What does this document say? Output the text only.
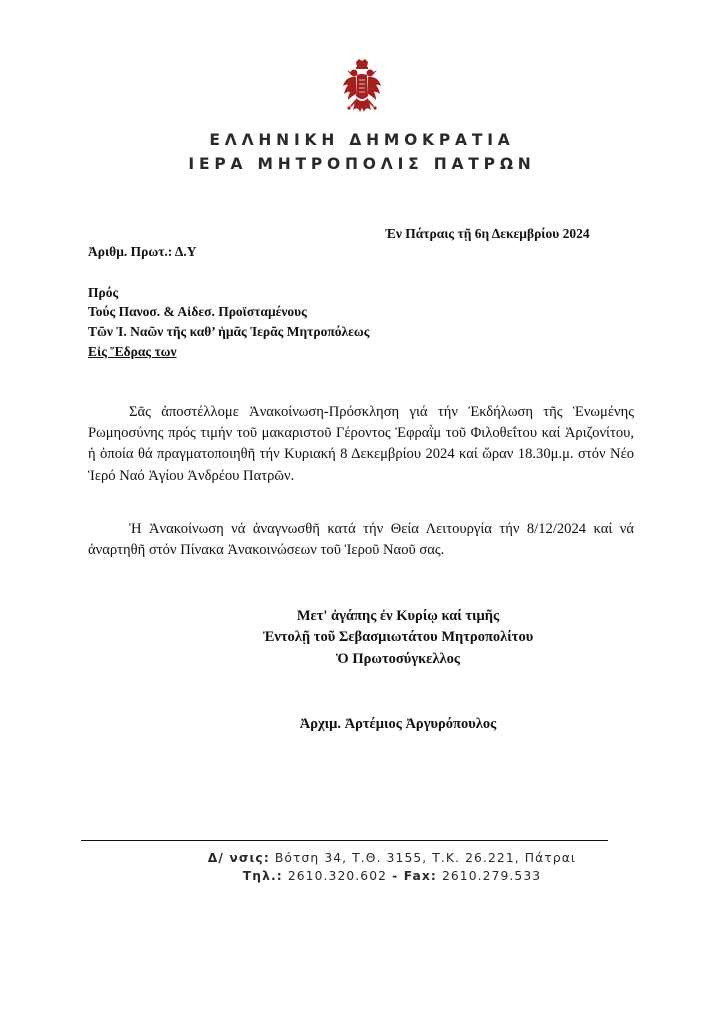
ΕΛΛΗΝΙΚΗ ΔΗΜΟΚΡΑΤΙΑ
ΙΕΡΑ ΜΗΤΡΟΠΟΛΙΣ ΠΑΤΡΩΝ
Ἐν Πάτραις τῇ 6η Δεκεμβρίου 2024
Ἀριθμ. Πρωτ.: Δ.Υ
Πρός
Τούς Πανοσ. & Αἰδεσ. Προϊσταμένους
Τῶν Ἱ. Ναῶν τῆς καθ’ ἡμᾶς Ἱερᾶς Μητροπόλεως
Εἰς Ἕδρας των

Σᾶς ἀποστέλλομε Ἀνακοίνωση-Πρόσκληση γιά τήν Ἐκδήλωση τῆς Ἑνωμένης Ρωμηοσύνης πρός τιμήν τοῦ μακαριστοῦ Γέροντος Ἐφραῒμ τοῦ Φιλοθεΐτου καί Ἀριζονίτου, ἡ ὁποία θά πραγματοποιηθῆ τήν Κυριακή 8 Δεκεμβρίου 2024 καί ὥραν 18.30μ.μ. στόν Νέο Ἱερό Ναό Ἁγίου Ἀνδρέου Πατρῶν.

Ἡ Ἀνακοίνωση νά ἀναγνωσθῆ κατά τήν Θεία Λειτουργία τήν 8/12/2024 καί νά ἀναρτηθῆ στόν Πίνακα Ἀνακοινώσεων τοῦ Ἱεροῦ Ναοῦ σας.

Μετ' ἀγάπης ἐν Κυρίῳ καί τιμῆς
Ἐντολῇ τοῦ Σεβασμιωτάτου Μητροπολίτου
Ὁ Πρωτοσύγκελλος
Ἀρχιμ. Ἀρτέμιος Ἀργυρόπουλος
Δ/ νσις: Βότση 34, Τ.Θ. 3155, Τ.Κ. 26.221, Πάτραι
Τηλ.: 2610.320.602 - Fax: 2610.279.533
